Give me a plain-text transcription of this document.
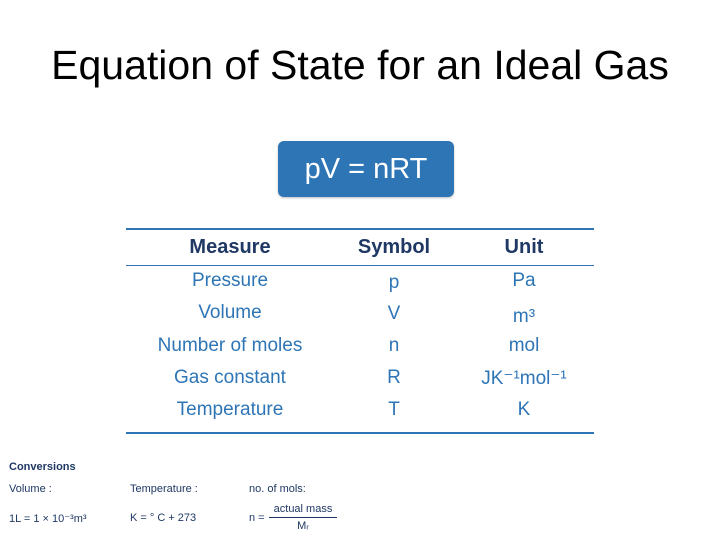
Equation of State for an Ideal Gas
pV = nRT
Measure	Symbol	Unit
Pressure	p	Pa
Volume	V	m³
Number of moles	n	mol
Gas constant	R	JK⁻¹mol⁻¹
Temperature	T	K
Conversions
Volume :
1L = 1 × 10⁻³m³
Temperature :
K = ° C + 273
no. of mols:
n =
actual mass
Mᵣ
